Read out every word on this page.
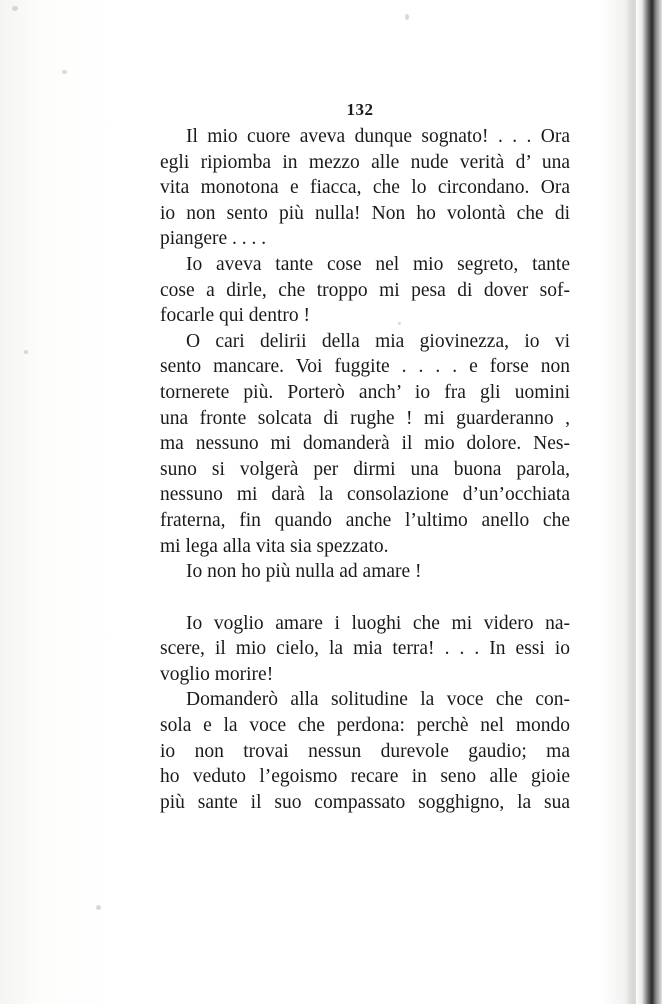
132
Il mio cuore aveva dunque sognato! . . . Ora
egli ripiomba in mezzo alle nude verità d’ una
vita monotona e fiacca, che lo circondano. Ora
io non sento più nulla! Non ho volontà che di
piangere . . . .
Io aveva tante cose nel mio segreto, tante
cose a dirle, che troppo mi pesa di dover sof-
focarle qui dentro !
O cari delirii della mia giovinezza, io vi
sento mancare. Voi fuggite . . . . e forse non
tornerete più. Porterò anch’ io fra gli uomini
una fronte solcata di rughe ! mi guarderanno ,
ma nessuno mi domanderà il mio dolore. Nes-
suno si volgerà per dirmi una buona parola,
nessuno mi darà la consolazione d’un’occhiata
fraterna, fin quando anche l’ultimo anello che
mi lega alla vita sia spezzato.
Io non ho più nulla ad amare !
Io voglio amare i luoghi che mi videro na-
scere, il mio cielo, la mia terra! . . . In essi io
voglio morire!
Domanderò alla solitudine la voce che con-
sola e la voce che perdona: perchè nel mondo
io non trovai nessun durevole gaudio; ma
ho veduto l’egoismo recare in seno alle gioie
più sante il suo compassato sogghigno, la sua
